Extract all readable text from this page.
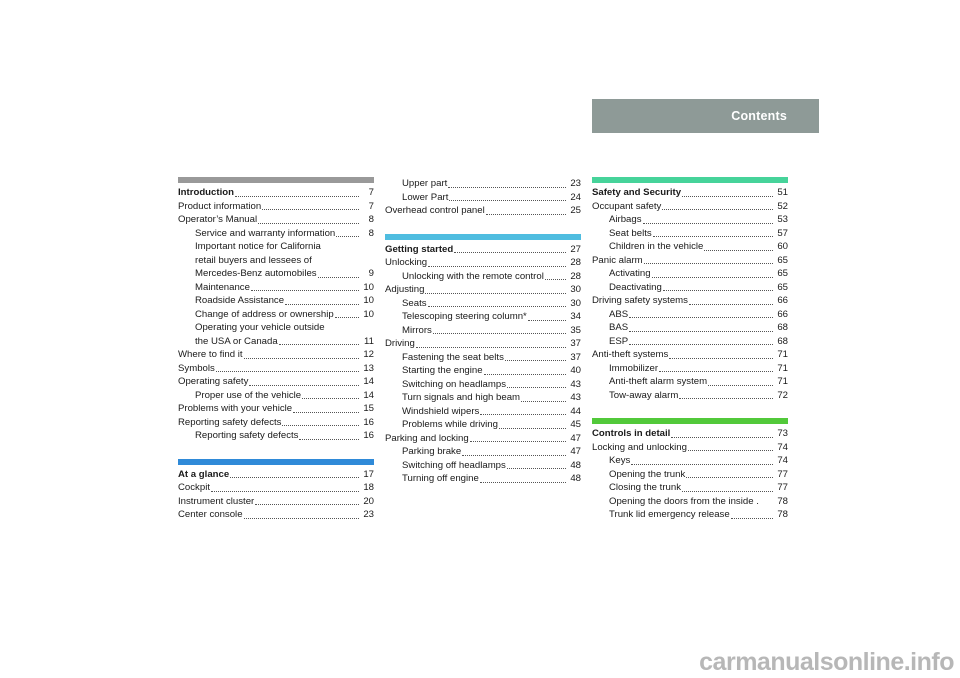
Contents
Introduction	7
Product information	7
Operator’s Manual	8
Service and warranty information	8
Important notice for California
retail buyers and lessees of
Mercedes-Benz automobiles	9
Maintenance	10
Roadside Assistance	10
Change of address or ownership	10
Operating your vehicle outside
the USA or Canada	11
Where to find it	12
Symbols	13
Operating safety	14
Proper use of the vehicle	14
Problems with your vehicle	15
Reporting safety defects	16
Reporting safety defects	16
At a glance	17
Cockpit	18
Instrument cluster	20
Center console	23
Upper part	23
Lower Part	24
Overhead control panel	25
Getting started	27
Unlocking	28
Unlocking with the remote control	28
Adjusting	30
Seats	30
Telescoping steering column*	34
Mirrors	35
Driving	37
Fastening the seat belts	37
Starting the engine	40
Switching on headlamps	43
Turn signals and high beam	43
Windshield wipers	44
Problems while driving	45
Parking and locking	47
Parking brake	47
Switching off headlamps	48
Turning off engine	48
Safety and Security	51
Occupant safety	52
Airbags	53
Seat belts	57
Children in the vehicle	60
Panic alarm	65
Activating	65
Deactivating	65
Driving safety systems	66
ABS	66
BAS	68
ESP	68
Anti-theft systems	71
Immobilizer	71
Anti-theft alarm system	71
Tow-away alarm	72
Controls in detail	73
Locking and unlocking	74
Keys	74
Opening the trunk	77
Closing the trunk	77
Opening the doors from the inside . 78
Trunk lid emergency release	78
carmanualsonline.info
